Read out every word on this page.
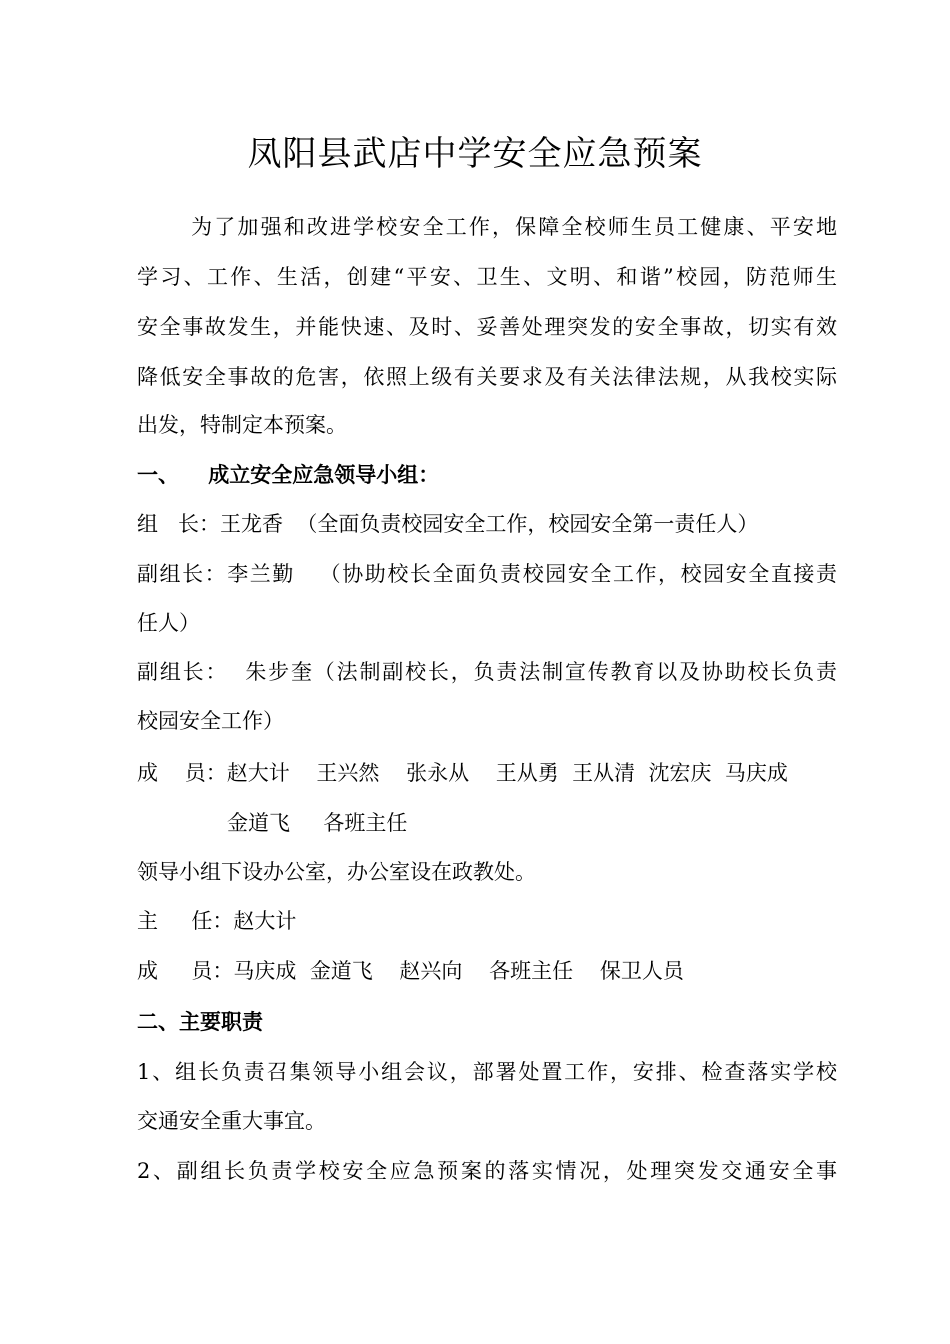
凤阳县武店中学安全应急预案
为了加强和改进学校安全工作，保障全校师生员工健康、平安地
学习、工作、生活，创建“平安、卫生、文明、和谐”校园，防范师生
安全事故发生，并能快速、及时、妥善处理突发的安全事故，切实有效
降低安全事故的危害，依照上级有关要求及有关法律法规，从我校实际
出发，特制定本预案。
一、    成立安全应急领导小组：
组   长：王龙香  （全面负责校园安全工作，校园安全第一责任人）
副组长：李兰勤   （协助校长全面负责校园安全工作，校园安全直接责
任人）
副组长：  朱步奎（法制副校长，负责法制宣传教育以及协助校长负责
校园安全工作）
成    员：赵大计    王兴然    张永从    王从勇  王从清  沈宏庆  马庆成
金道飞     各班主任
领导小组下设办公室，办公室设在政教处。
主     任：赵大计
成     员：马庆成  金道飞    赵兴向    各班主任    保卫人员
二、主要职责
1、组长负责召集领导小组会议，部署处置工作，安排、检查落实学校
交通安全重大事宜。
2、副组长负责学校安全应急预案的落实情况，处理突发交通安全事
